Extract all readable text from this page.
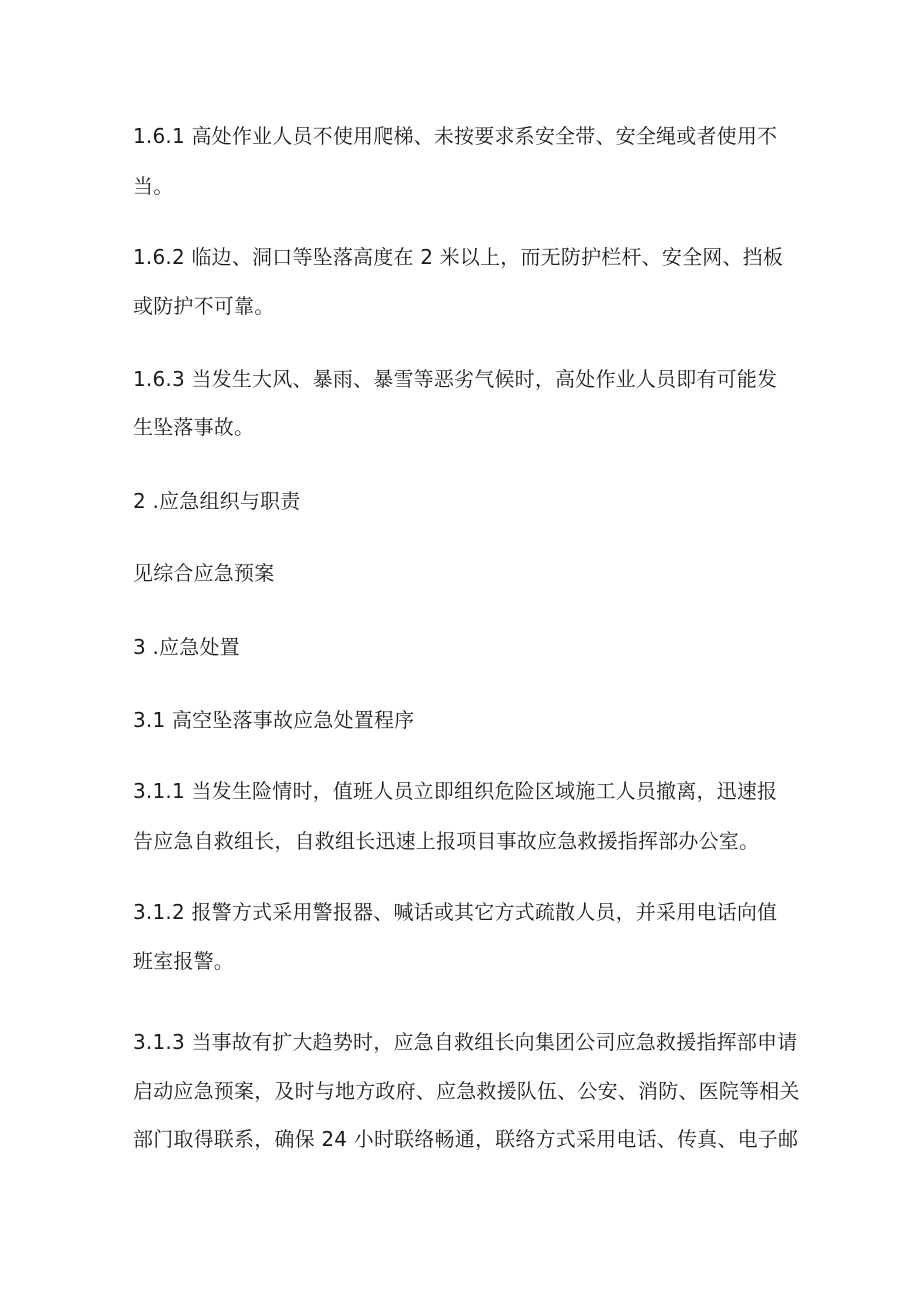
1.6.1 高处作业人员不使用爬梯、未按要求系安全带、安全绳或者使用不
当。
1.6.2 临边、洞口等坠落高度在 2 米以上，而无防护栏杆、安全网、挡板
或防护不可靠。
1.6.3 当发生大风、暴雨、暴雪等恶劣气候时，高处作业人员即有可能发
生坠落事故。
2 .应急组织与职责
见综合应急预案
3 .应急处置
3.1 高空坠落事故应急处置程序
3.1.1 当发生险情时，值班人员立即组织危险区域施工人员撤离，迅速报
告应急自救组长，自救组长迅速上报项目事故应急救援指挥部办公室。
3.1.2 报警方式采用警报器、喊话或其它方式疏散人员，并采用电话向值
班室报警。
3.1.3 当事故有扩大趋势时，应急自救组长向集团公司应急救援指挥部申请
启动应急预案，及时与地方政府、应急救援队伍、公安、消防、医院等相关
部门取得联系，确保 24 小时联络畅通，联络方式采用电话、传真、电子邮
